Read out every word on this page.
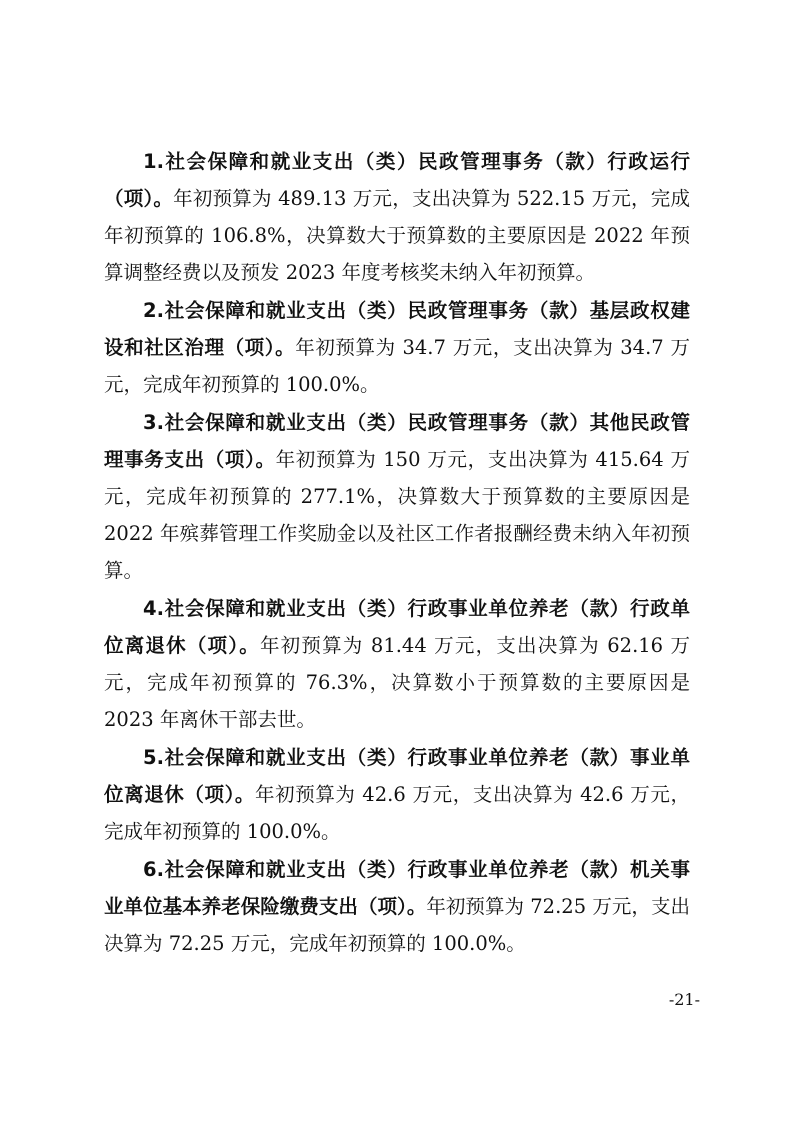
1.社会保障和就业支出（类）民政管理事务（款）行政运行（项）。年初预算为 489.13 万元，支出决算为 522.15 万元，完成年初预算的 106.8%，决算数大于预算数的主要原因是 2022 年预算调整经费以及预发 2023 年度考核奖未纳入年初预算。

2.社会保障和就业支出（类）民政管理事务（款）基层政权建设和社区治理（项）。年初预算为 34.7 万元，支出决算为 34.7 万元，完成年初预算的 100.0%。

3.社会保障和就业支出（类）民政管理事务（款）其他民政管理事务支出（项）。年初预算为 150 万元，支出决算为 415.64 万元，完成年初预算的 277.1%，决算数大于预算数的主要原因是 2022 年殡葬管理工作奖励金以及社区工作者报酬经费未纳入年初预算。

4.社会保障和就业支出（类）行政事业单位养老（款）行政单位离退休（项）。年初预算为 81.44 万元，支出决算为 62.16 万元，完成年初预算的 76.3%，决算数小于预算数的主要原因是 2023 年离休干部去世。

5.社会保障和就业支出（类）行政事业单位养老（款）事业单位离退休（项）。年初预算为 42.6 万元，支出决算为 42.6 万元，完成年初预算的 100.0%。

6.社会保障和就业支出（类）行政事业单位养老（款）机关事业单位基本养老保险缴费支出（项）。年初预算为 72.25 万元，支出决算为 72.25 万元，完成年初预算的 100.0%。

-21-
